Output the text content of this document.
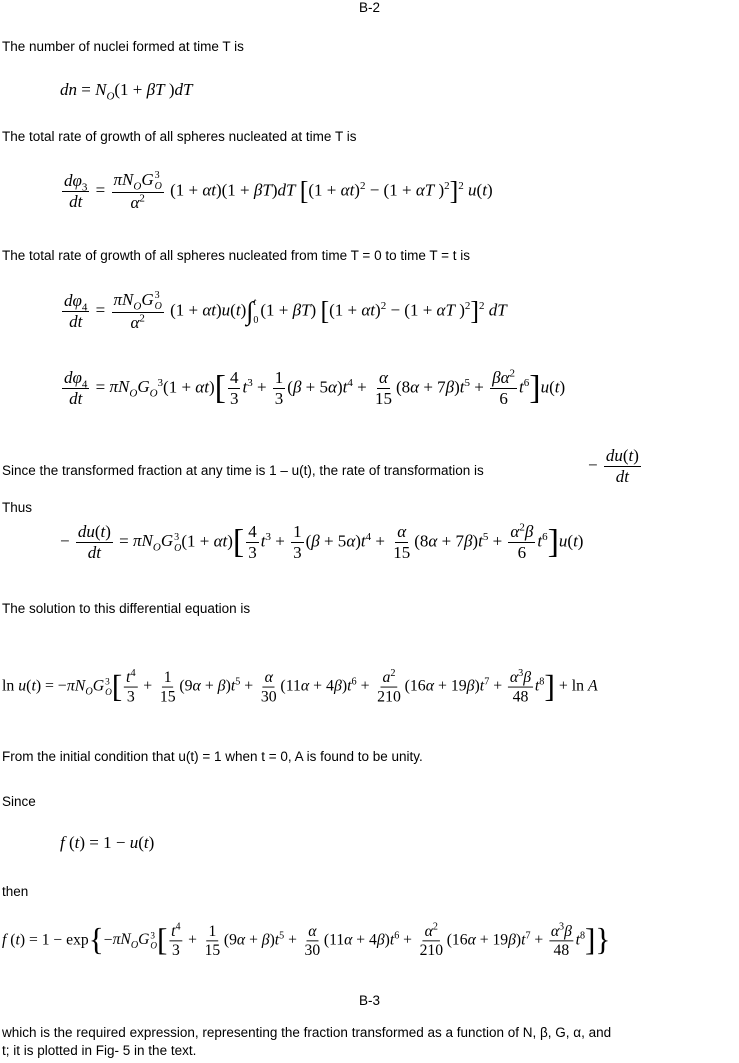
B-2
The number of nuclei formed at time T is
dn = $N_O(1 + \beta T$ )dT
The total rate of growth of all spheres nucleated at time T is
$\frac{d\varphi_3}{dt} = \pi N_OG$ 3
O
$\alpha^2$ (1 + αt)(1 + βT)dT [$(1 + \alpha t)^2 - (1 + \alpha T$ )$^2$]$^2$ u(t)
The total rate of growth of all spheres nucleated from time T = 0 to time T = t is
$\frac{d\varphi_4}{dt} = \pi N_OG$ 3
O
$\alpha^2$ (1 + αt)u(t)∫ t
0
(1 + βT) [$(1 + \alpha t)^2 - (1 + \alpha T$ )$^2$]$^2$ dT
$\frac{d\varphi_4}{dt} = \pi N_OG_O^3(1 + \alpha t)[ \frac{4}{3} t^3 + \frac{1}{3} (\beta + 5\alpha)t^4 + \frac{\alpha}{15} (8\alpha + 7\beta)t^5 + \frac{\beta\alpha^2}{6} t^6]u(t)$
Since the transformed fraction at any time is 1 – u(t), the rate of transformation is	− $\frac{du(t)}{dt}$
Thus
− $\frac{du(t)}{dt} = \pi N_OG$ 3
O $(1 + \alpha t)[ \frac{4}{3} t^3 + \frac{1}{3} (\beta + 5\alpha)t^4 + \frac{\alpha}{15} (8\alpha + 7\beta)t^5 + \frac{\alpha^2\beta}{6} t^6]u(t)$
The solution to this differential equation is
$\ln u(t) = -\pi N_OG$ 3
O [ $\frac{t^4}{3} + \frac{1}{15} (9\alpha + \beta)t^5 + \frac{\alpha}{30} (11\alpha + 4\beta)t^6 + \frac{a^2}{210} (16\alpha + 19\beta)t^7 + \frac{\alpha^3\beta}{48} t^8] + \ln A$
From the initial condition that u(t) = 1 when t = 0, A is found to be unity.
Since
f (t) = 1 − u(t)
then
f $(t) = 1 - \exp\{-\pi N_OG$ 3
O [ $\frac{t^4}{3} + \frac{1}{15} (9\alpha + \beta)t^5 + \frac{\alpha}{30} (11\alpha + 4\beta)t^6 + \frac{\alpha^2}{210} (16\alpha + 19\beta)t^7 + \frac{\alpha^3\beta}{48} t^8$]}
B-3
which is the required expression, representing the fraction transformed as a function of N, β, G, α, and
t; it is plotted in Fig- 5 in the text.
